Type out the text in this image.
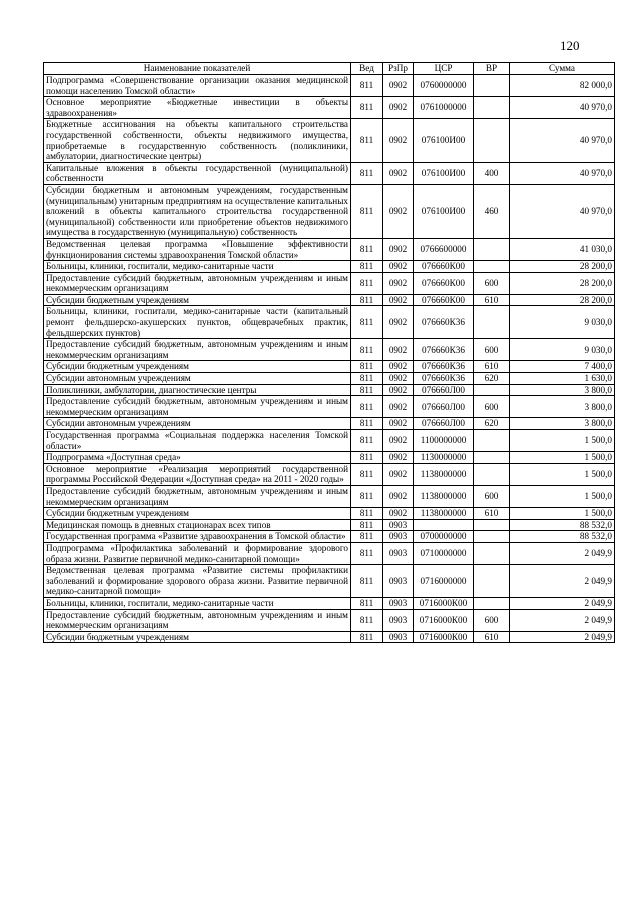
120
Наименование показателей	Вед	РзПр	ЦСР	ВР	Сумма
Подпрограмма «Совершенствование организации оказания медицинской помощи населению Томской области»	811	0902	0760000000		82 000,0
Основное мероприятие «Бюджетные инвестиции в объекты здравоохранения»	811	0902	0761000000		40 970,0
Бюджетные ассигнования на объекты капитального строительства государственной собственности, объекты недвижимого имущества, приобретаемые в государственную собственность (поликлиники, амбулатории, диагностические центры)	811	0902	076100И00		40 970,0
Капитальные вложения в объекты государственной (муниципальной) собственности	811	0902	076100И00	400	40 970,0
Субсидии бюджетным и автономным учреждениям, государственным (муниципальным) унитарным предприятиям на осуществление капитальных вложений в объекты капитального строительства государственной (муниципальной) собственности или приобретение объектов недвижимого имущества в государственную (муниципальную) собственность	811	0902	076100И00	460	40 970,0
Ведомственная целевая программа «Повышение эффективности функционирования системы здравоохранения Томской области»	811	0902	0766600000		41 030,0
Больницы, клиники, госпитали, медико-санитарные части	811	0902	076660К00		28 200,0
Предоставление субсидий бюджетным, автономным учреждениям и иным некоммерческим организациям	811	0902	076660К00	600	28 200,0
Субсидии бюджетным учреждениям	811	0902	076660К00	610	28 200,0
Больницы, клиники, госпитали, медико-санитарные части (капитальный ремонт фельдшерско-акушерских пунктов, общеврачебных практик, фельдшерских пунктов)	811	0902	076660К36		9 030,0
Предоставление субсидий бюджетным, автономным учреждениям и иным некоммерческим организациям	811	0902	076660К36	600	9 030,0
Субсидии бюджетным учреждениям	811	0902	076660К36	610	7 400,0
Субсидии автономным учреждениям	811	0902	076660К36	620	1 630,0
Поликлиники, амбулатории, диагностические центры	811	0902	076660Л00		3 800,0
Предоставление субсидий бюджетным, автономным учреждениям и иным некоммерческим организациям	811	0902	076660Л00	600	3 800,0
Субсидии автономным учреждениям	811	0902	076660Л00	620	3 800,0
Государственная программа «Социальная поддержка населения Томской области»	811	0902	1100000000		1 500,0
Подпрограмма «Доступная среда»	811	0902	1130000000		1 500,0
Основное мероприятие «Реализация мероприятий государственной программы Российской Федерации «Доступная среда» на 2011 - 2020 годы»	811	0902	1138000000		1 500,0
Предоставление субсидий бюджетным, автономным учреждениям и иным некоммерческим организациям	811	0902	1138000000	600	1 500,0
Субсидии бюджетным учреждениям	811	0902	1138000000	610	1 500,0
Медицинская помощь в дневных стационарах всех типов	811	0903			88 532,0
Государственная программа «Развитие здравоохранения в Томской области»	811	0903	0700000000		88 532,0
Подпрограмма «Профилактика заболеваний и формирование здорового образа жизни. Развитие первичной медико-санитарной помощи»	811	0903	0710000000		2 049,9
Ведомственная целевая программа «Развитие системы профилактики заболеваний и формирование здорового образа жизни. Развитие первичной медико-санитарной помощи»	811	0903	0716000000		2 049,9
Больницы, клиники, госпитали, медико-санитарные части	811	0903	0716000К00		2 049,9
Предоставление субсидий бюджетным, автономным учреждениям и иным некоммерческим организациям	811	0903	0716000К00	600	2 049,9
Субсидии бюджетным учреждениям	811	0903	0716000К00	610	2 049,9
